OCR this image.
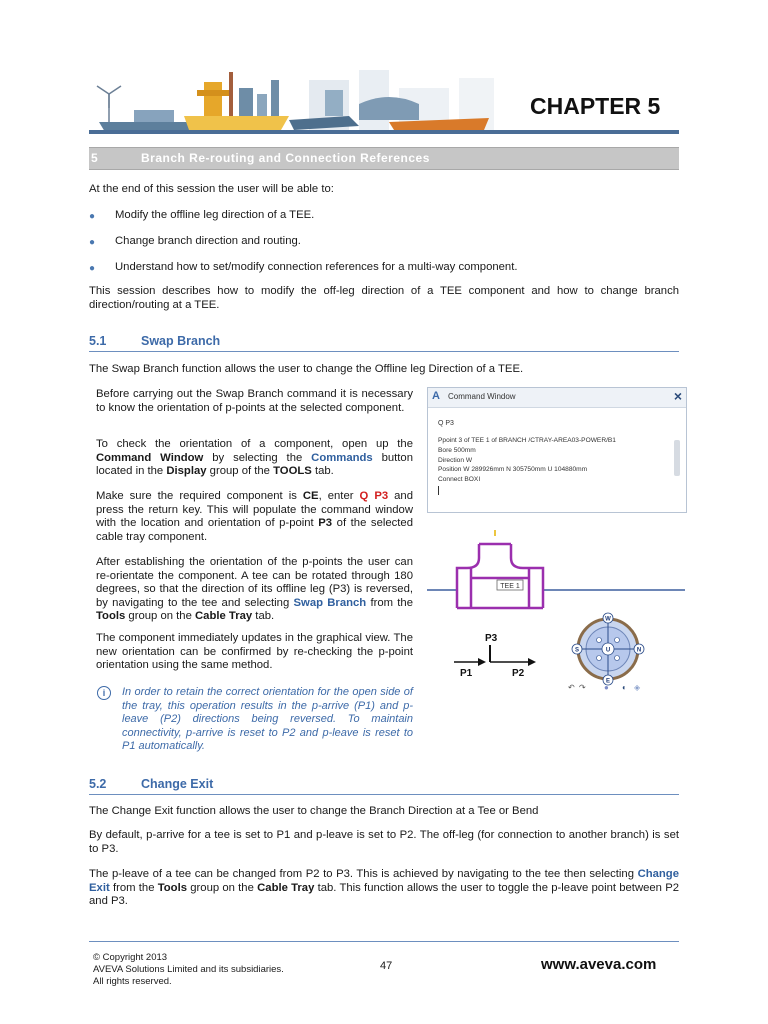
CHAPTER 5
5	Branch Re-routing and Connection References
At the end of this session the user will be able to:
● Modify the offline leg direction of a TEE.
● Change branch direction and routing.
● Understand how to set/modify connection references for a multi-way component.
This session describes how to modify the off-leg direction of a TEE component and how to change branch direction/routing at a TEE.
5.1	Swap Branch
The Swap Branch function allows the user to change the Offline leg Direction of a TEE.
Before carrying out the Swap Branch command it is necessary to know the orientation of p-points at the selected component.
To check the orientation of a component, open up the Command Window by selecting the Commands button located in the Display group of the TOOLS tab.
Make sure the required component is CE, enter Q P3 and press the return key. This will populate the command window with the location and orientation of p-point P3 of the selected cable tray component.
After establishing the orientation of the p-points the user can re-orientate the component. A tee can be rotated through 180 degrees, so that the direction of its offline leg (P3) is reversed, by navigating to the tee and selecting Swap Branch from the Tools group on the Cable Tray tab.
The component immediately updates in the graphical view. The new orientation can be confirmed by re-checking the p-point orientation using the same method.
i	In order to retain the correct orientation for the open side of the tray, this operation results in the p-arrive (P1) and p-leave (P2) directions being reversed. To maintain connectivity, p-arrive is reset to P2 and p-leave is reset to P1 automatically.
A Command Window	×
Q P3
Ppoint 3 of TEE 1 of BRANCH /CTRAY-AREA03-POWER/B1
Bore 500mm
Direction W
Position W 289926mm N 305750mm U 104880mm
Connect BOXI
TEE 1
P3
P1	P2
W
S	N
E
U
↶ ↷ ● ◐ ◈
5.2	Change Exit
The Change Exit function allows the user to change the Branch Direction at a Tee or Bend
By default, p-arrive for a tee is set to P1 and p-leave is set to P2. The off-leg (for connection to another branch) is set to P3.
The p-leave of a tee can be changed from P2 to P3. This is achieved by navigating to the tee then selecting Change Exit from the Tools group on the Cable Tray tab. This function allows the user to toggle the p-leave point between P2 and P3.
© Copyright 2013
AVEVA Solutions Limited and its subsidiaries.
All rights reserved.
47	www.aveva.com
